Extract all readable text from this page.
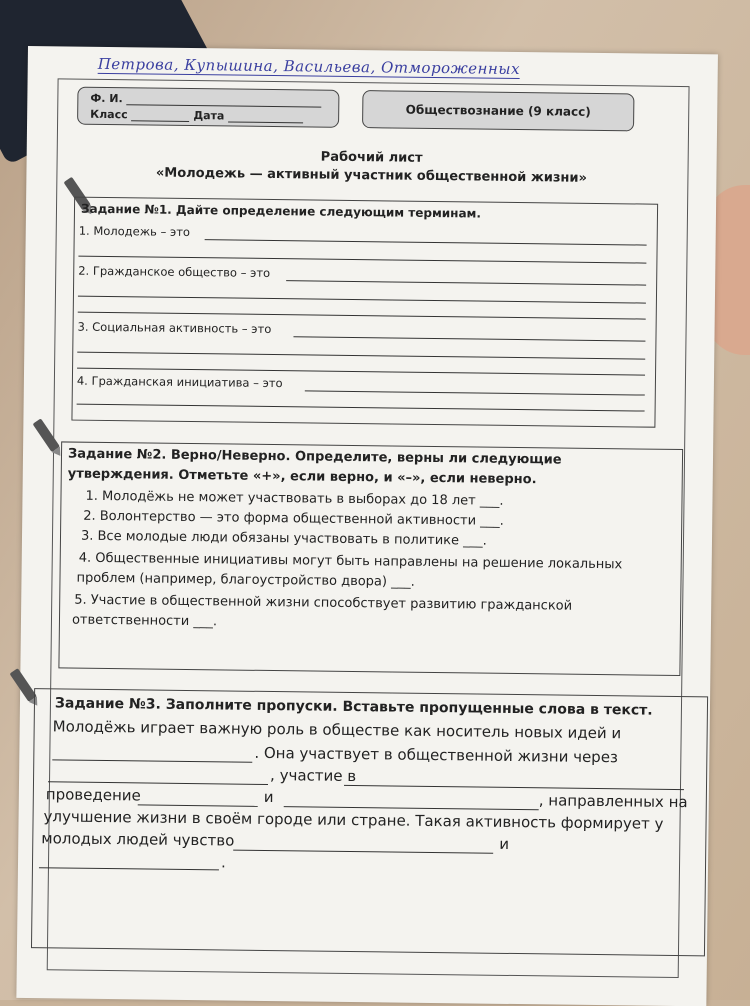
Петрова, Купышина, Васильева, Отмороженных
Ф. И.
Класс	Дата	Обществознание (9 класс)
Рабочий лист
«Молодежь — активный участник общественной жизни»
Задание №1. Дайте определение следующим терминам.
1. Молодежь – это
2. Гражданское общество – это
3. Социальная активность – это
4. Гражданская инициатива – это
Задание №2. Верно/Неверно. Определите, верны ли следующие
утверждения. Отметьте «+», если верно, и «–», если неверно.
1. Молодёжь не может участвовать в выборах до 18 лет ___.
2. Волонтерство — это форма общественной активности ___.
3. Все молодые люди обязаны участвовать в политике ___.
4. Общественные инициативы могут быть направлены на решение локальных
проблем (например, благоустройство двора) ___.
5. Участие в общественной жизни способствует развитию гражданской
ответственности ___.
Задание №3. Заполните пропуски. Вставьте пропущенные слова в текст.
Молодёжь играет важную роль в обществе как носитель новых идей и
. Она участвует в общественной жизни через
, участие в
проведение	и	, направленных на
улучшение жизни в своём городе или стране. Такая активность формирует у
молодых людей чувство	и
.
